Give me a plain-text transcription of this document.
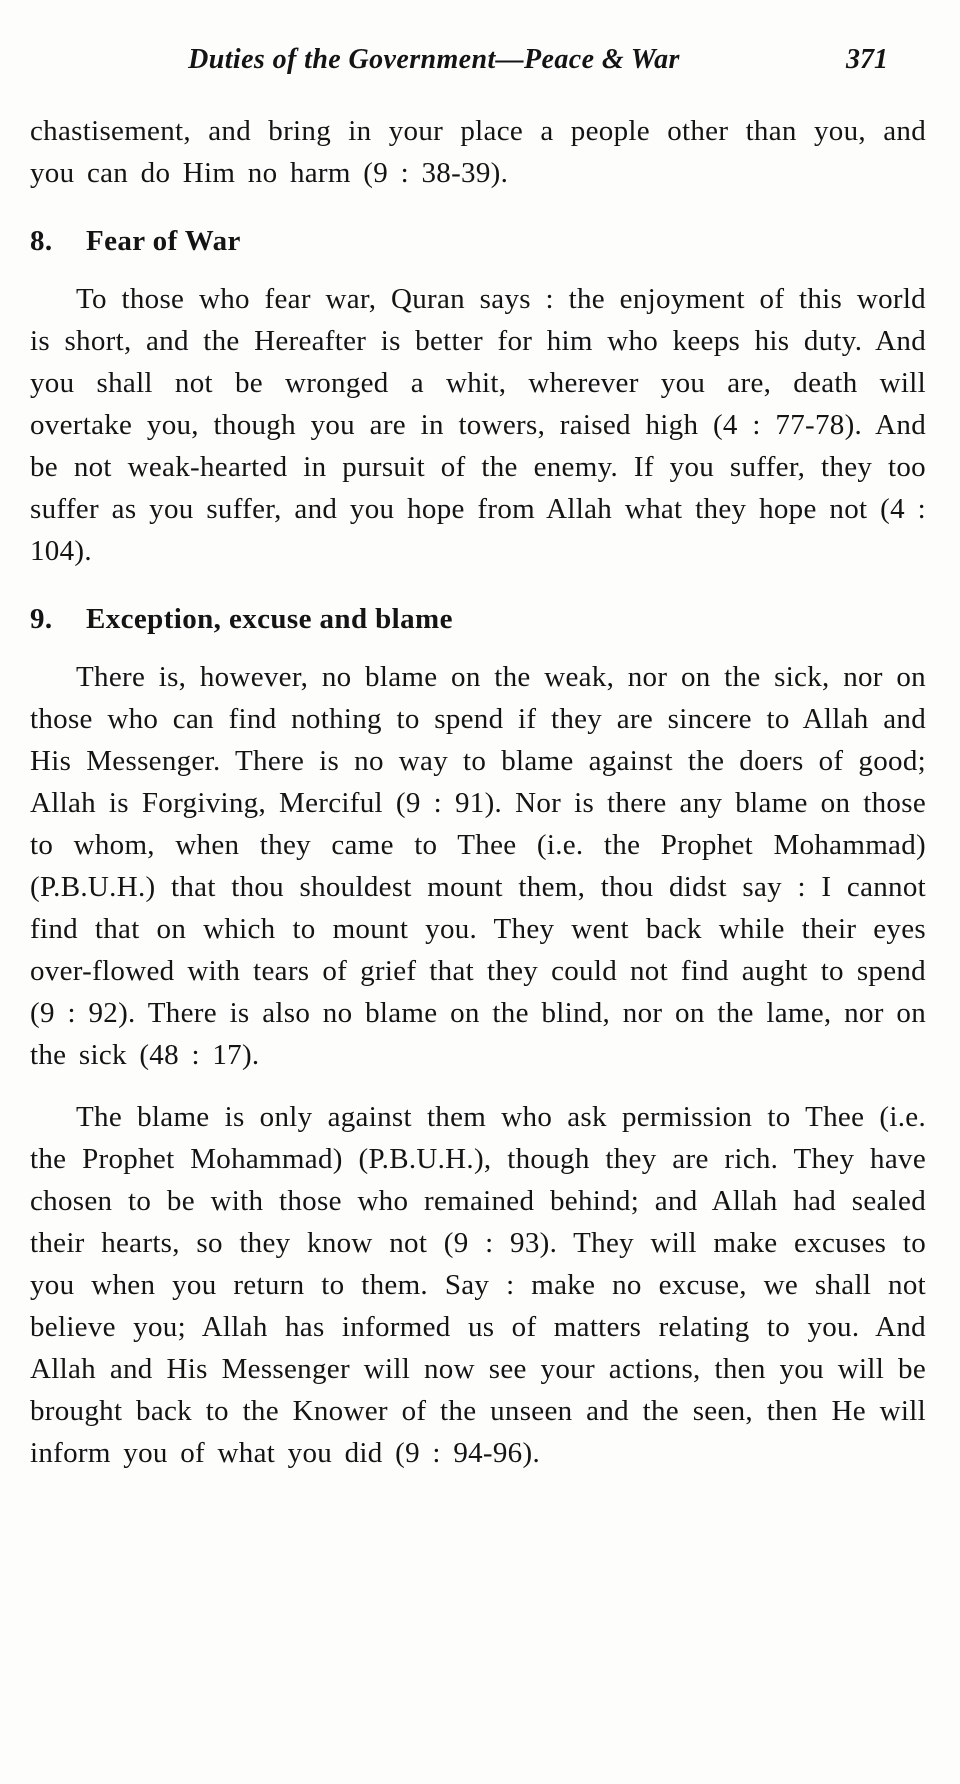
Duties of the Government—Peace & War	371

chastisement, and bring in your place a people other than you, and you can do Him no harm (9 : 38-39).

8.	Fear of War

To those who fear war, Quran says : the enjoyment of this world is short, and the Hereafter is better for him who keeps his duty. And you shall not be wronged a whit, wherever you are, death will overtake you, though you are in towers, raised high (4 : 77-78). And be not weak-hearted in pursuit of the enemy. If you suffer, they too suffer as you suffer, and you hope from Allah what they hope not (4 : 104).

9.	Exception, excuse and blame

There is, however, no blame on the weak, nor on the sick, nor on those who can find nothing to spend if they are sincere to Allah and His Messenger. There is no way to blame against the doers of good; Allah is Forgiving, Merciful (9 : 91). Nor is there any blame on those to whom, when they came to Thee (i.e. the Prophet Mohammad) (P.B.U.H.) that thou shouldest mount them, thou didst say : I cannot find that on which to mount you. They went back while their eyes over-flowed with tears of grief that they could not find aught to spend (9 : 92). There is also no blame on the blind, nor on the lame, nor on the sick (48 : 17).

The blame is only against them who ask permission to Thee (i.e. the Prophet Mohammad) (P.B.U.H.), though they are rich. They have chosen to be with those who remained behind; and Allah had sealed their hearts, so they know not (9 : 93). They will make excuses to you when you return to them. Say : make no excuse, we shall not believe you; Allah has informed us of matters relating to you. And Allah and His Messenger will now see your actions, then you will be brought back to the Knower of the unseen and the seen, then He will inform you of what you did (9 : 94-96).
